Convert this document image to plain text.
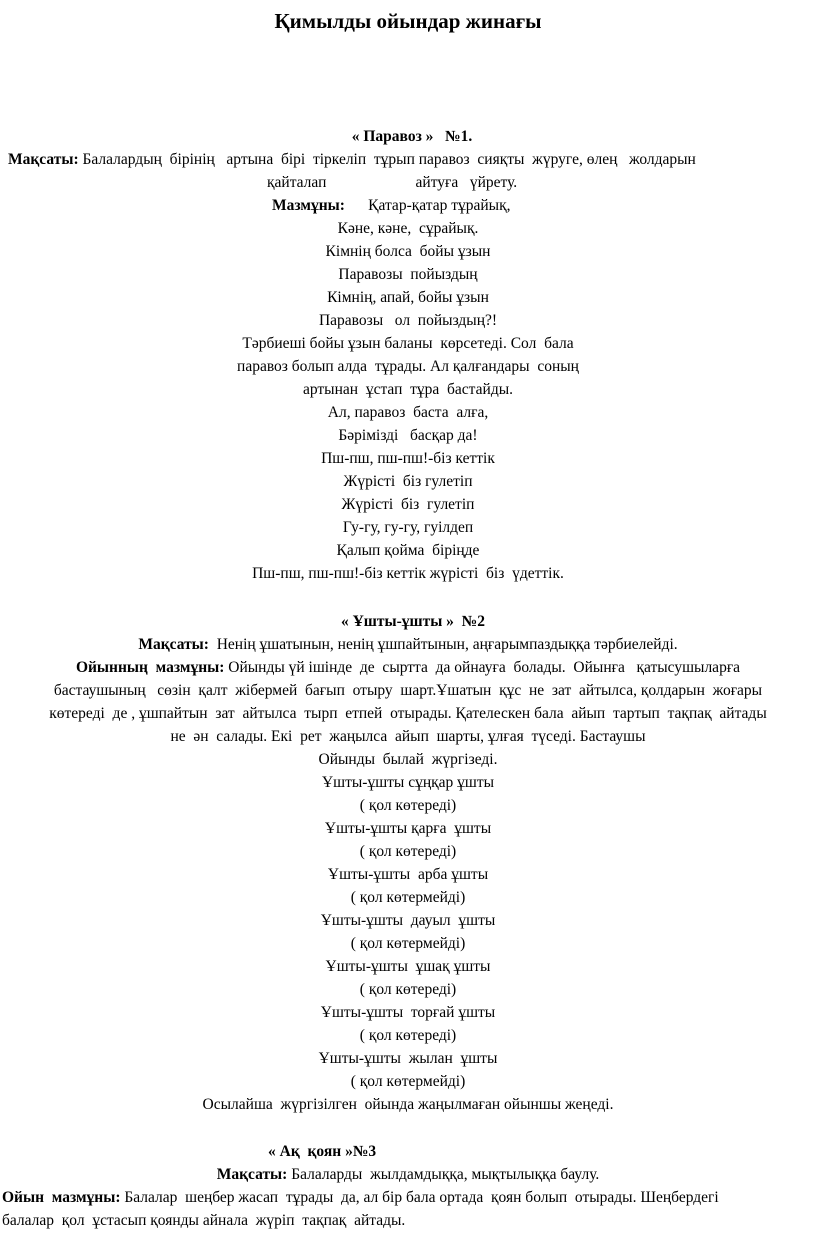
Қимылды ойындар жинағы
« Паравоз »   №1.
Мақсаты: Балалардың  бірінің   артына  бірі  тіркеліп  тұрып паравоз  сияқты  жүруге, өлең   жолдарын
қайталап                       айтуға   үйрету.
Мазмұны:      Қатар-қатар тұрайық,
Кәне, кәне,  сұрайық.
Кімнің болса  бойы ұзын
Паравозы  пойыздың
Кімнің, апай, бойы ұзын
Паравозы   ол  пойыздың?!
Тәрбиеші бойы ұзын баланы  көрсетеді. Сол  бала
паравоз болып алда  тұрады. Ал қалғандары  соның
артынан  ұстап  тұра  бастайды.
Ал, паравоз  баста  алға,
Бәрімізді   басқар да!
Пш-пш, пш-пш!-біз кеттік
Жүрісті  біз гулетіп
Жүрісті  біз  гулетіп
Гу-гу, гу-гу, гуілдеп
Қалып қойма  біріңде
Пш-пш, пш-пш!-біз кеттік жүрісті  біз  үдеттік.
« Ұшты-ұшты »  №2
Мақсаты:  Ненің ұшатынын, ненің ұшпайтынын, аңғарымпаздыққа тәрбиелейді.
Ойынның  мазмұны: Ойынды үй ішінде  де  сыртта  да ойнауға  болады.  Ойынға   қатысушыларға
бастаушының   сөзін  қалт  жібермей  бағып  отыру  шарт.Ұшатын  құс  не  зат  айтылса, қолдарын  жоғары
көтереді  де , ұшпайтын  зат  айтылса  тырп  етпей  отырады. Қателескен бала  айып  тартып  тақпақ  айтады
не  ән  салады. Екі  рет  жаңылса  айып  шарты, ұлғая  түседі. Бастаушы
Ойынды  былай  жүргізеді.
Ұшты-ұшты сұңқар ұшты
( қол көтереді)
Ұшты-ұшты қарға  ұшты
( қол көтереді)
Ұшты-ұшты  арба ұшты
( қол көтермейді)
Ұшты-ұшты  дауыл  ұшты
( қол көтермейді)
Ұшты-ұшты  ұшақ ұшты
( қол көтереді)
Ұшты-ұшты  торғай ұшты
( қол көтереді)
Ұшты-ұшты  жылан  ұшты
( қол көтермейді)
Осылайша  жүргізілген  ойында жаңылмаған ойыншы жеңеді.
« Ақ  қоян »№3
Мақсаты: Балаларды  жылдамдыққа, мықтылыққа баулу.
Ойын  мазмұны: Балалар  шеңбер жасап  тұрады  да, ал бір бала ортада  қоян болып  отырады. Шеңбердегі
балалар  қол  ұстасып қоянды айнала  жүріп  тақпақ  айтады.
